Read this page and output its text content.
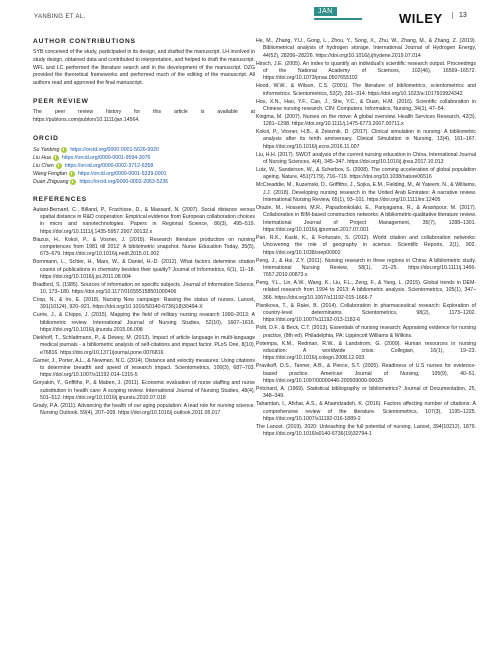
YANBING ET AL.
JAN	WILEY	13
AUTHOR CONTRIBUTIONS
SYB conceived of the study, participated in its design, and drafted the manuscript. LH involved in study design, obtained data and contributed to interpretation, and helped to draft the manuscript. WFL and LC performed the literature search and in the development of the manuscript. DZG provided the theoretical frameworks and performed much of the editing of the manuscript. All authors read and approved the final manuscript.
PEER REVIEW
The peer review history for this article is available at https://publons.com/publon/10.1111/jan.14564.
ORCID
Su Yanbing https://orcid.org/0000-0001-5626-9920
Liu Hua https://orcid.org/0000-0001-9594-3076
Liu Chen https://orcid.org/0000-0002-3712-6358
Wang Fengfan https://orcid.org/0000-0001-5339-0901
Duan Zhiguang https://orcid.org/0000-0002-2063-5236
REFERENCES
Autant-Bernard, C., Billand, P., Frachisse, D., & Massard, N. (2007). Social distance versus spatial distance in R&D cooperation: Empirical evidence from European collaboration choices in micro and nanotechnologies. Papers in Regional Science, 86(3), 495–519. https://doi.org/10.1111/j.1435-5957.2007.00132.x
Biazus, H., Kokol, P., & Vosner, J. (2015). Research literature production on nursing competences from 1981 till 2012: A bibliometric snapshot. Nurse Education Today, 35(5), 673–679. https://doi.org/10.1016/j.nedt.2015.01.002
Bornmann, L., Schier, H., Marx, W., & Daniel, H.-D. (2012). What factors determine citation counts of publications in chemistry besides their quality? Journal of Informetrics, 6(1), 11–18. https://doi.org/10.1016/j.joi.2011.08.004
Bradford, S. (1985). Sources of information on specific subjects. Journal of Information Science, 10, 173–180. https://doi.org/10.1177/016555158501000406
Crisp, N., & Iro, E. (2018). Nursing Now campaign: Raising the status of nurses. Lancet, 391(10124), 920–921. https://doi.org/10.1016/S0140-6736(18)30494-X
Currie, J., & Chipps, J. (2015). Mapping the field of military nursing research 1990–2013: A bibliometric review. International Journal of Nursing Studies, 52(10), 1607–1616. https://doi.org/10.1016/j.ijnurstu.2015.06.008
Diekhoff, T., Schlattmann, P., & Dewey, M. (2013). Impact of article language in multi-language medical journals - a bibliometric analysis of self-citations and impact factor. PLoS One, 8(10), e76816. https://doi.org/10.1371/journal.pone.0076816
Garner, J., Porter, A.L., & Newman, N.C. (2014). Distance and velocity measures: Using citations to determine breadth and speed of research impact. Scientometrics, 100(3), 687–703. https://doi.org/10.1007/s11192-014-1316-5
Goryakin, Y., Griffiths, P., & Maben, J. (2011). Economic evaluation of nurse staffing and nurse substitution in health care: A scoping review. International Journal of Nursing Studies, 48(4), 501–512. https://doi.org/10.1016/j.ijnurstu.2010.07.018
Grady, P.A. (2011). Advancing the health of our aging population: A lead role for nursing science. Nursing Outlook, 59(4), 207–209. https://doi.org/10.1016/j.outlook.2011.05.017
He, M., Zhang, Y.U., Gong, L., Zhou, Y., Song, X., Zhu, W., Zhang, M., & Zhang, Z. (2019). Bibliometrical analysis of hydrogen storage. International Journal of Hydrogen Energy, 44(52), 28206–28226. https://doi.org/10.1016/j.ijhydene.2019.07.014
Hirsch, J.E. (2005). An index to quantify an individual's scientific research output. Proceedings of the National Academy of Sciences, 102(46), 16569–16572. https://doi.org/10.1073/pnas.0507655102
Hood, W.W., & Wilson, C.S. (2001). The literature of bibliometrics, scientometrics and informetrics. Scientometrics, 52(2), 291–314. https://doi.org/10.1023/a:1017919924342
Hou, X.N., Hao, Y.F., Cao, J., She, Y.C., & Duan, H.M. (2016). Scientific collaboration in Chinese nursing research. CIN: Computers, Informatics, Nursing, 34(1), 47–54.
Kingma, M. (2007). Nurses on the move: A global overview. Health Services Research, 42(3), 1281–1298. https://doi.org/10.1111/j.1475-6773.2007.00711.x
Kokol, P., Vosner, H.B., & Zeleznik, D. (2017). Clinical simulation in nursing: A bibliometric analysis after its tenth anniversary. Clinical Simulation in Nursing, 13(4), 161–167. https://doi.org/10.1016/j.ecns.2016.11.007
Liu, H.H. (2017). SWOT analysis of the current nursing education in China. International Journal of Nursing Sciences, 4(4), 345–347. https://doi.org/10.1016/j.ijnss.2017.10.013
Lutz, W., Sanderson, W., & Scherbov, S. (2008). The coming acceleration of global population ageing. Nature, 451(7179), 716–719. https://doi.org/10.1038/nature06516
McCreaddie, M., Kuzemski, D., Griffiths, J., Sojka, E.M., Fielding, M., Al Yateem, N., & Williams, J.J. (2018). Developing nursing research in the United Arab Emirates: A narrative review. International Nursing Review, 65(1), 93–101. https://doi.org/10.1111/inr.12405
Orazie, M., Hosseini, M.R., Papadonikolaki, E., Pariyagama, R., & Arashpour, M. (2017). Collaboration in BIM-based construction networks: A bibliometric-qualitative literature review. International Journal of Project Management, 35(7), 1288–1301. https://doi.org/10.1016/j.ijproman.2017.07.001
Pan, R.K., Kaski, K., & Fortunato, S. (2012). World citation and collaboration networks: Uncovering the role of geography in science. Scientific Reports, 2(1), 902. https://doi.org/10.1038/srep00902
Peng, J., & Hui, Z.Y. (2011). Nursing research in three regions in China: A bibliometric study. International Nursing Review, 58(1), 21–25. https://doi.org/10.1111/j.1466-7657.2010.00873.x
Peng, Y.L., Lin, A.W., Wang, K., Liu, F.L., Zeng, F., & Yang, L. (2015). Global trends in DEM-related research from 1994 to 2013: A bibliometric analysis. Scientometrics, 105(1), 347–366. https://doi.org/10.1007/s11192-015-1666-7
Pisnikova, T., & Rake, B. (2014). Collaboration in pharmaceutical research: Exploration of country-level determinants. Scientometrics, 98(2), 1173–1202. https://doi.org/10.1007/s11192-013-1182-6
Polit, D.F., & Beck, C.T. (2013). Essentials of nursing research: Appraising evidence for nursing practice, (8th ed). Philadelphia, PA: Lippincott Williams & Wilkins.
Potempa, K.M., Redman, R.W., & Landstrom, G. (2009). Human resources in nursing education: A worldwide crisis. Collegian, 16(1), 19–23. https://doi.org/10.1016/j.colegn.2008.12.003
Pravikoff, D.S., Tanner, A.B., & Pierce, S.T. (2005). Readiness of U.S nurses for evidence-based practice. American Journal of Nursing, 105(9), 40–51. https://doi.org/10.1097/00000446-200509000-00025
Pritchard, A. (1969). Statistical bibliography or bibliometrics? Journal of Documentation, 25, 348–349.
Tahamtan, I., Afshar, A.S., & Ahamdzadeh, K. (2016). Factors affecting number of citations: A comprehensive review of the literature. Scientometrics, 107(3), 1195–1225. https://doi.org/10.1007/s11192-016-1889-2
The Lancet. (2019). 2020: Unleashing the full potential of nursing. Lancet, 394(10212), 1879. https://doi.org/10.1016/s0140-6736(19)32794-1
